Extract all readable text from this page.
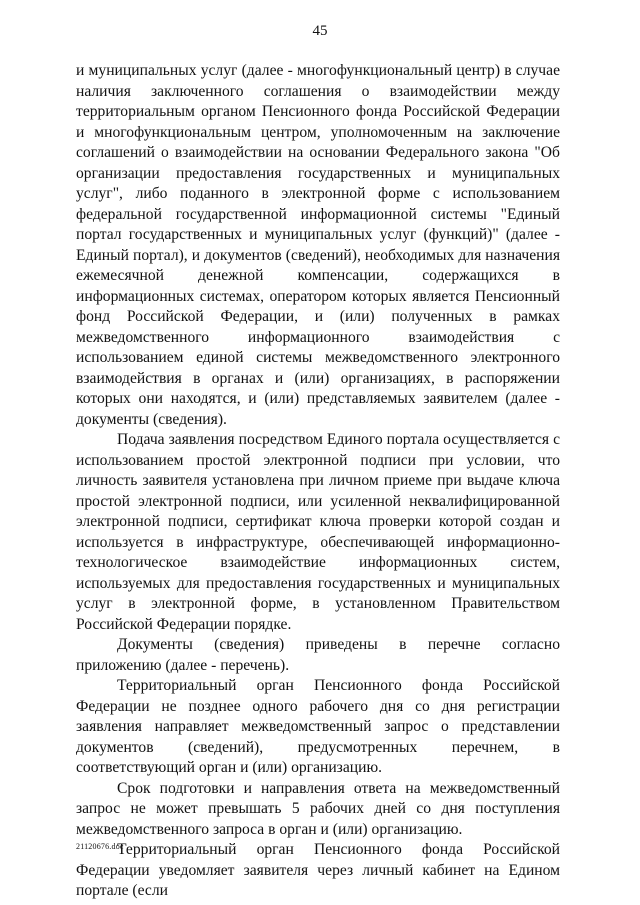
45

и муниципальных услуг (далее - многофункциональный центр) в случае наличия заключенного соглашения о взаимодействии между территориальным органом Пенсионного фонда Российской Федерации и многофункциональным центром, уполномоченным на заключение соглашений о взаимодействии на основании Федерального закона "Об организации предоставления государственных и муниципальных услуг", либо поданного в электронной форме с использованием федеральной государственной информационной системы "Единый портал государственных и муниципальных услуг (функций)" (далее - Единый портал), и документов (сведений), необходимых для назначения ежемесячной денежной компенсации, содержащихся в информационных системах, оператором которых является Пенсионный фонд Российской Федерации, и (или) полученных в рамках межведомственного информационного взаимодействия с использованием единой системы межведомственного электронного взаимодействия в органах и (или) организациях, в распоряжении которых они находятся, и (или) представляемых заявителем (далее - документы (сведения).

Подача заявления посредством Единого портала осуществляется с использованием простой электронной подписи при условии, что личность заявителя установлена при личном приеме при выдаче ключа простой электронной подписи, или усиленной неквалифицированной электронной подписи, сертификат ключа проверки которой создан и используется в инфраструктуре, обеспечивающей информационно-технологическое взаимодействие информационных систем, используемых для предоставления государственных и муниципальных услуг в электронной форме, в установленном Правительством Российской Федерации порядке.

Документы (сведения) приведены в перечне согласно приложению (далее - перечень).

Территориальный орган Пенсионного фонда Российской Федерации не позднее одного рабочего дня со дня регистрации заявления направляет межведомственный запрос о представлении документов (сведений), предусмотренных перечнем, в соответствующий орган и (или) организацию.

Срок подготовки и направления ответа на межведомственный запрос не может превышать 5 рабочих дней со дня поступления межведомственного запроса в орган и (или) организацию.

Территориальный орган Пенсионного фонда Российской Федерации уведомляет заявителя через личный кабинет на Едином портале (если

21120676.doc
